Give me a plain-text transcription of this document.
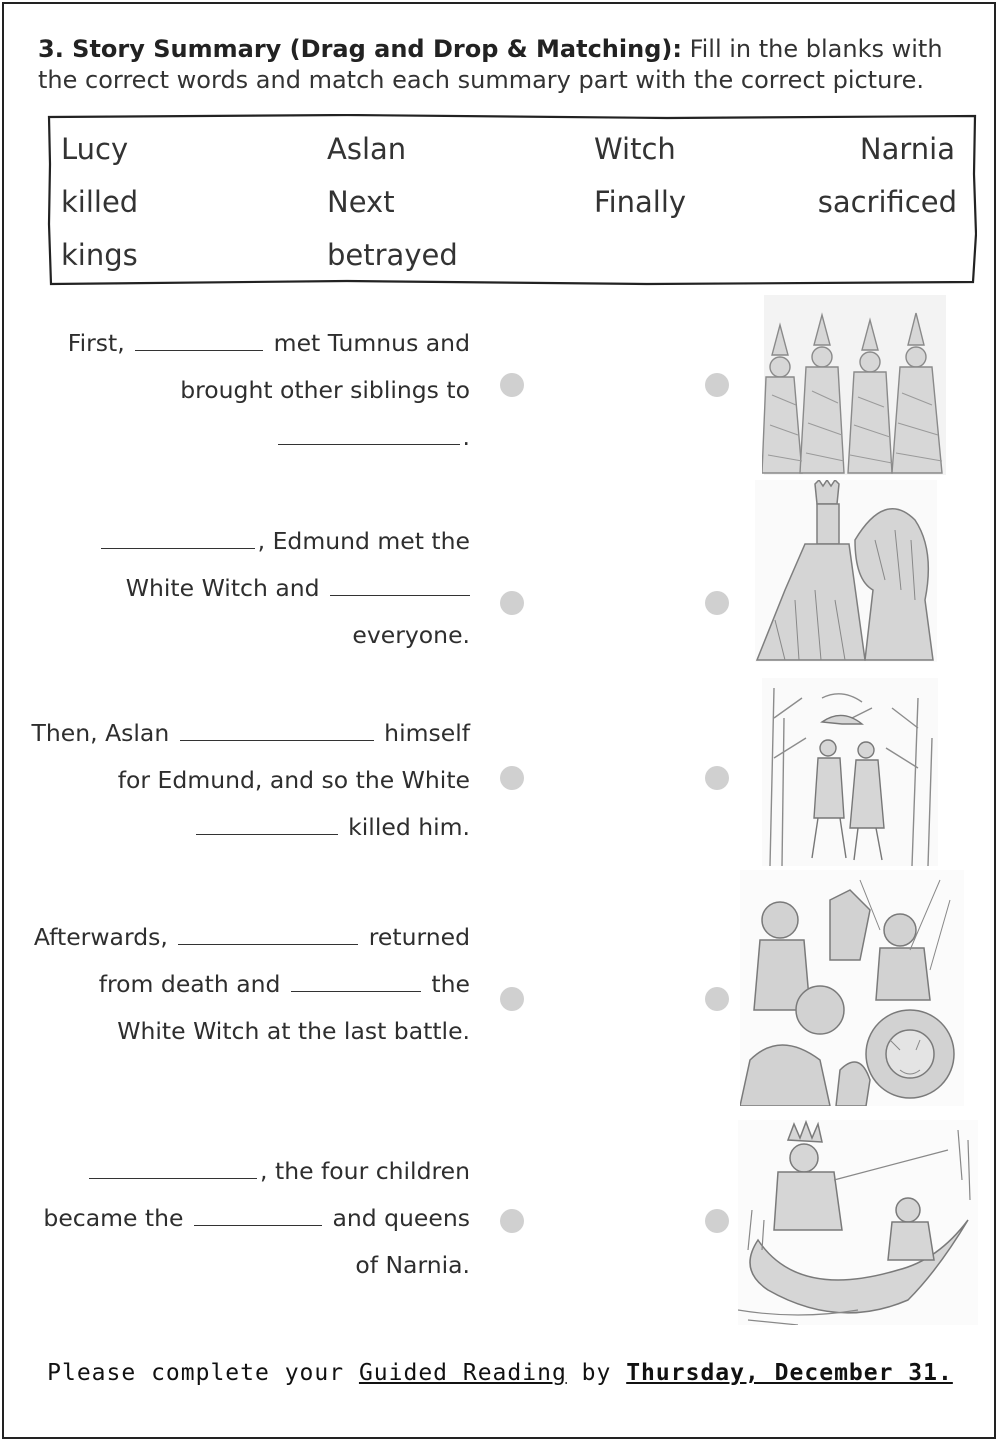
3. Story Summary (Drag and Drop & Matching): Fill in the blanks with the correct words and match each summary part with the correct picture.
Lucy	Aslan	Witch	Narnia
killed	Next	Finally	sacrificed
kings	betrayed
First,	met Tumnus and
brought other siblings to
.
, Edmund met the
White Witch and
everyone.
Then, Aslan	himself
for Edmund, and so the White
killed him.
Afterwards,	returned
from death and	the
White Witch at the last battle.
, the four children
became the	and queens
of Narnia.
Please complete your Guided Reading by Thursday, December 31.
